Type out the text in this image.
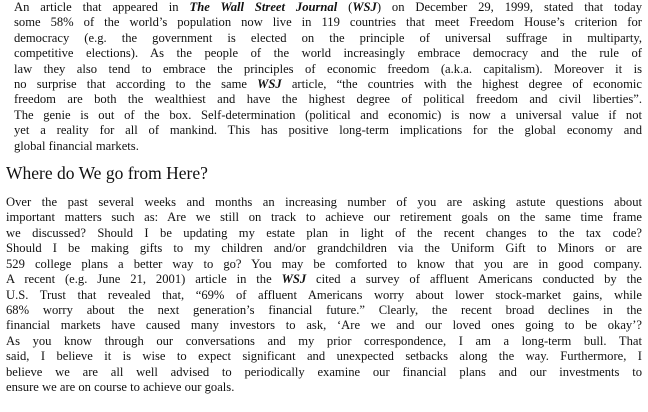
An article that appeared in The Wall Street Journal (WSJ) on December 29, 1999, stated that today
some 58% of the world’s population now live in 119 countries that meet Freedom House’s criterion for
democracy (e.g. the government is elected on the principle of universal suffrage in multiparty,
competitive elections). As the people of the world increasingly embrace democracy and the rule of
law they also tend to embrace the principles of economic freedom (a.k.a. capitalism). Moreover it is
no surprise that according to the same WSJ article, “the countries with the highest degree of economic
freedom are both the wealthiest and have the highest degree of political freedom and civil liberties”.
The genie is out of the box. Self-determination (political and economic) is now a universal value if not
yet a reality for all of mankind. This has positive long-term implications for the global economy and
global financial markets.

Where do We go from Here?

Over the past several weeks and months an increasing number of you are asking astute questions about
important matters such as: Are we still on track to achieve our retirement goals on the same time frame
we discussed? Should I be updating my estate plan in light of the recent changes to the tax code?
Should I be making gifts to my children and/or grandchildren via the Uniform Gift to Minors or are
529 college plans a better way to go? You may be comforted to know that you are in good company.
A recent (e.g. June 21, 2001) article in the WSJ cited a survey of affluent Americans conducted by the
U.S. Trust that revealed that, “69% of affluent Americans worry about lower stock-market gains, while
68% worry about the next generation’s financial future.” Clearly, the recent broad declines in the
financial markets have caused many investors to ask, ‘Are we and our loved ones going to be okay’?
As you know through our conversations and my prior correspondence, I am a long-term bull. That
said, I believe it is wise to expect significant and unexpected setbacks along the way. Furthermore, I
believe we are all well advised to periodically examine our financial plans and our investments to
ensure we are on course to achieve our goals.
